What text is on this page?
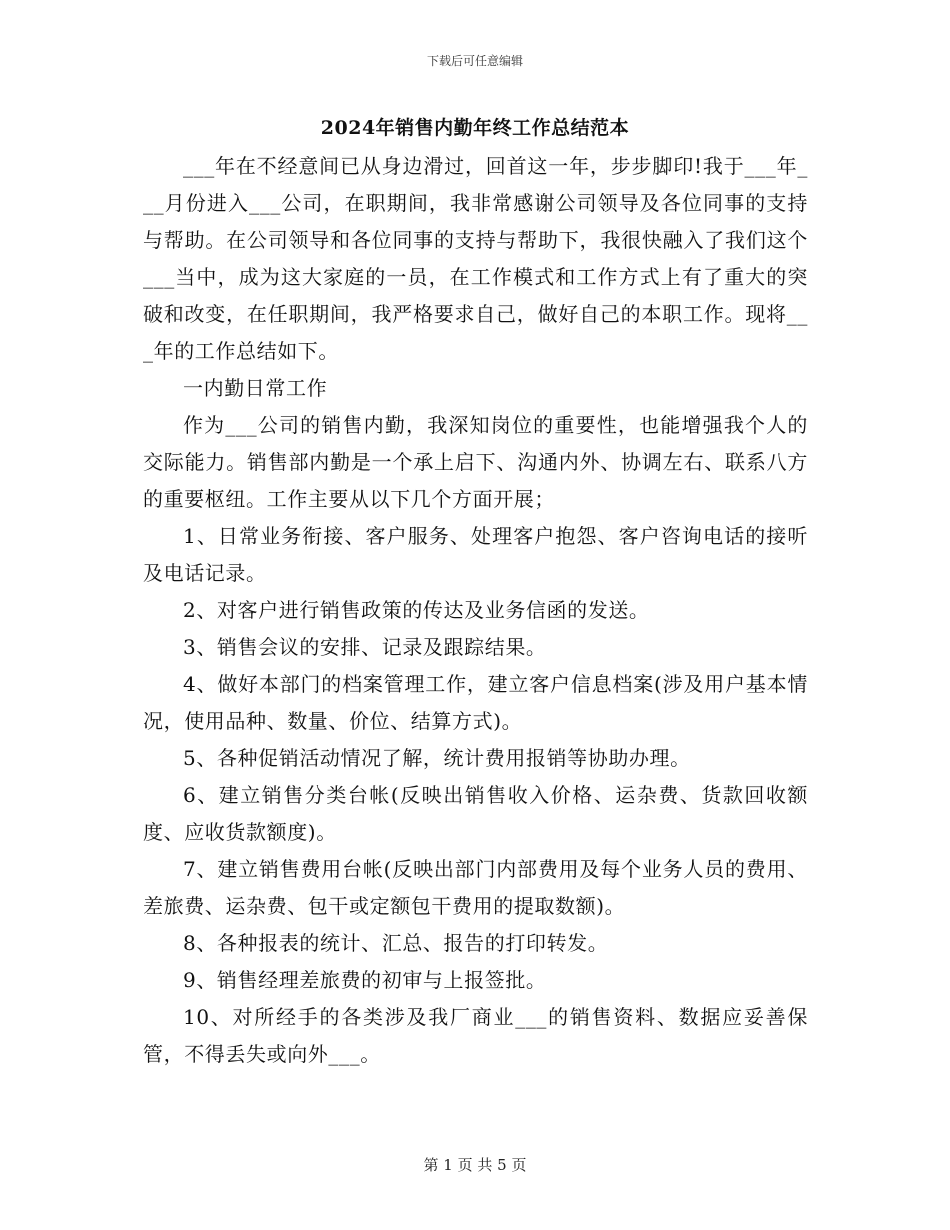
下载后可任意编辑
2024年销售内勤年终工作总结范本

___年在不经意间已从身边滑过，回首这一年，步步脚印!我于___年___月份进入___公司，在职期间，我非常感谢公司领导及各位同事的支持与帮助。在公司领导和各位同事的支持与帮助下，我很快融入了我们这个___当中，成为这大家庭的一员，在工作模式和工作方式上有了重大的突破和改变，在任职期间，我严格要求自己，做好自己的本职工作。现将___年的工作总结如下。

一内勤日常工作

作为___公司的销售内勤，我深知岗位的重要性，也能增强我个人的交际能力。销售部内勤是一个承上启下、沟通内外、协调左右、联系八方的重要枢纽。工作主要从以下几个方面开展；

1、日常业务衔接、客户服务、处理客户抱怨、客户咨询电话的接听及电话记录。

2、对客户进行销售政策的传达及业务信函的发送。

3、销售会议的安排、记录及跟踪结果。

4、做好本部门的档案管理工作，建立客户信息档案(涉及用户基本情况，使用品种、数量、价位、结算方式)。

5、各种促销活动情况了解，统计费用报销等协助办理。

6、建立销售分类台帐(反映出销售收入价格、运杂费、货款回收额度、应收货款额度)。

7、建立销售费用台帐(反映出部门内部费用及每个业务人员的费用、差旅费、运杂费、包干或定额包干费用的提取数额)。

8、各种报表的统计、汇总、报告的打印转发。

9、销售经理差旅费的初审与上报签批。

10、对所经手的各类涉及我厂商业___的销售资料、数据应妥善保管，不得丢失或向外___。

第 1 页 共 5 页
